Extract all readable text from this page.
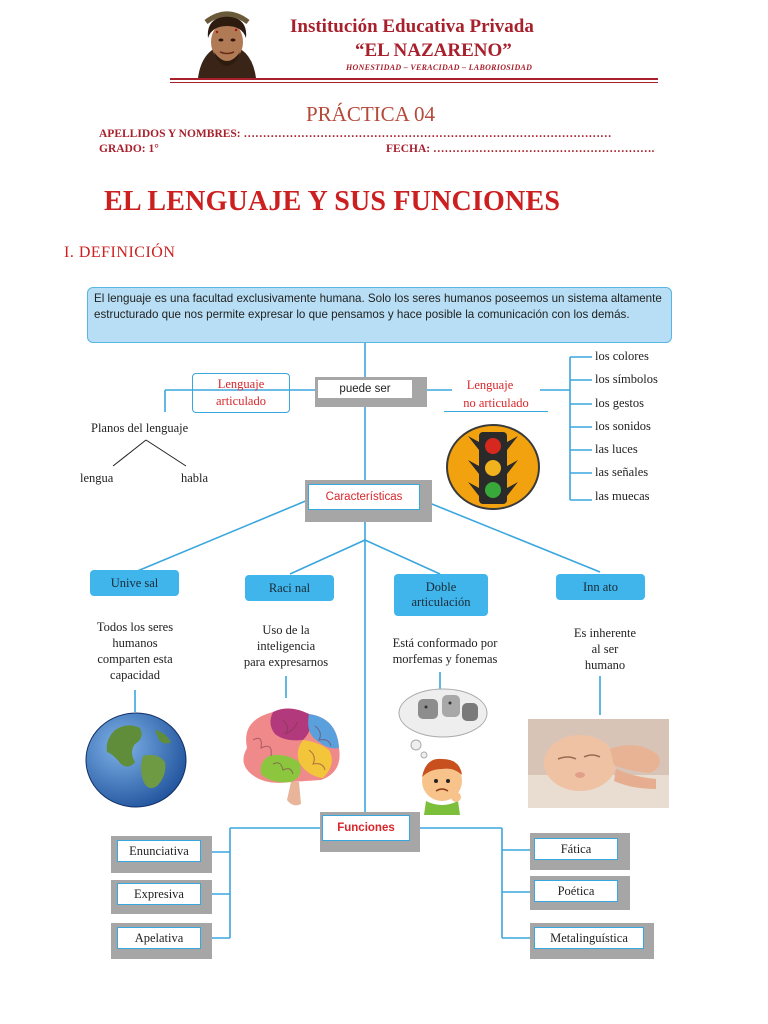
Institución Educativa Privada
“EL NAZARENO”
HONESTIDAD – VERACIDAD – LABORIOSIDAD
PRÁCTICA 04
APELLIDOS Y NOMBRES: ……………………………………………………………………………………
GRADO: 1°	FECHA: ………………………………………………….
EL LENGUAJE Y SUS FUNCIONES
I. DEFINICIÓN
El lenguaje es una facultad exclusivamente humana. Solo los seres humanos poseemos un sistema altamente estructurado que nos permite expresar lo que pensamos y hace posible la comunicación con los demás.
puede ser
Lenguaje
articulado
Lenguaje
no articulado
los colores
los símbolos
los gestos
los sonidos
las luces
las señales
las muecas
Planos del lenguaje
lengua	habla
Características
Unive sal	Raci nal	Doble
articulación
Inn ato
Todos los seres
humanos
comparten esta
capacidad
Uso de la
inteligencia
para expresarnos
Está conformado por
morfemas y fonemas
Es inherente
al ser
humano
Funciones
Enunciativa
Expresiva
Apelativa
Fática
Poética
Metalinguística
